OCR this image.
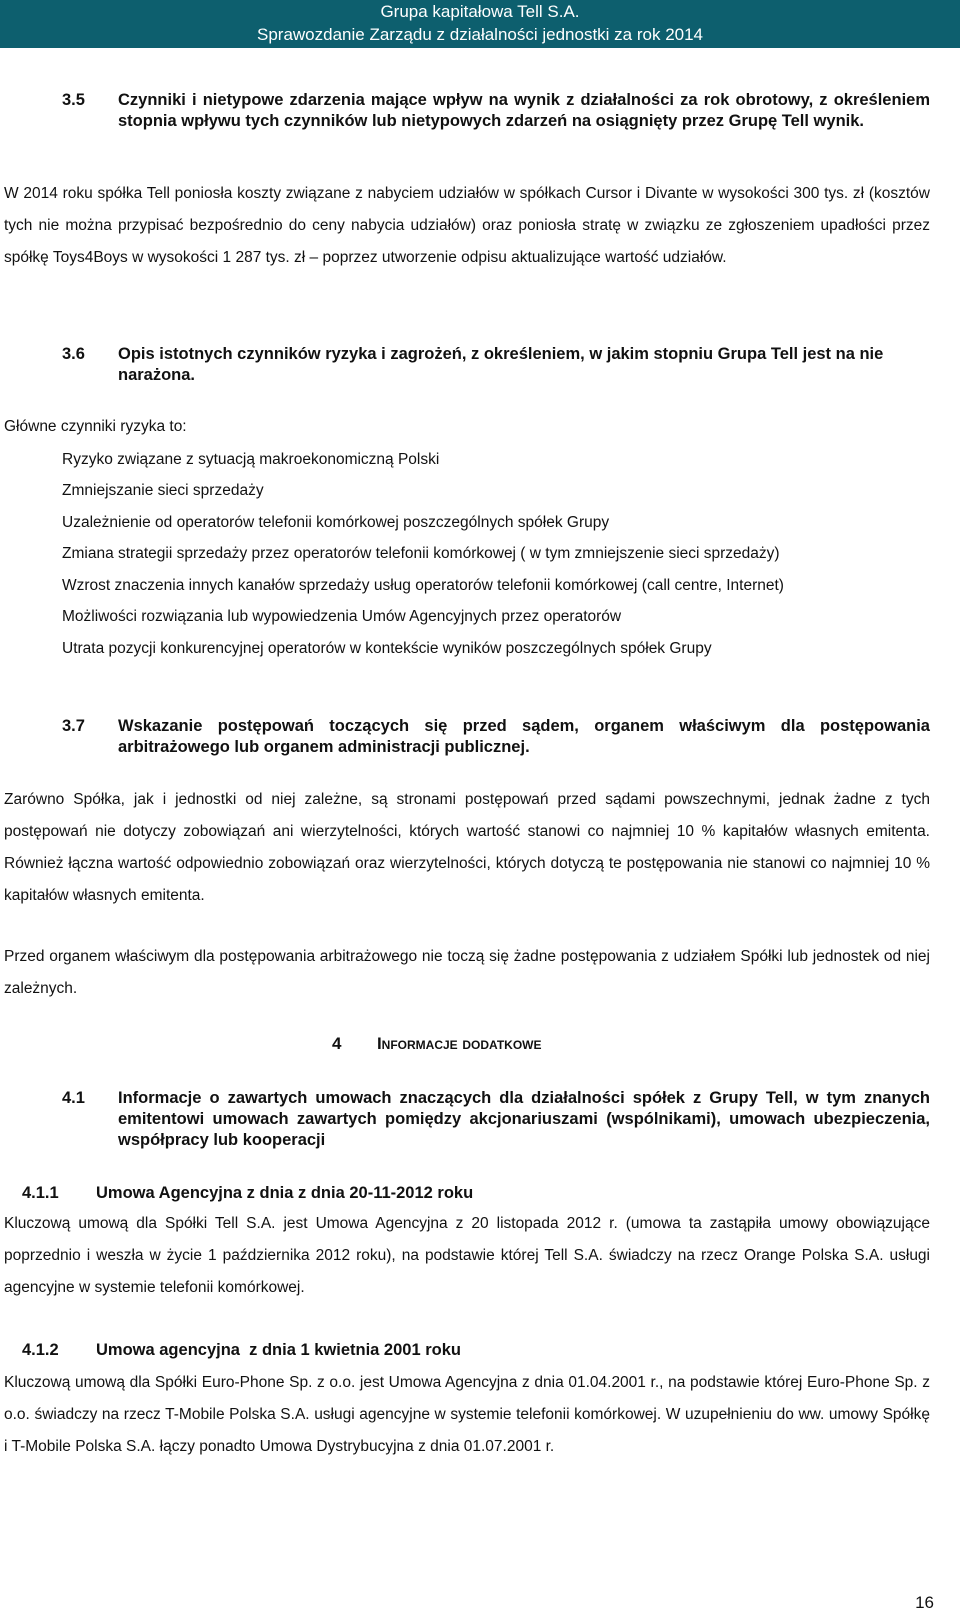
Grupa kapitałowa Tell S.A.
Sprawozdanie Zarządu z działalności jednostki za rok 2014
3.5 Czynniki i nietypowe zdarzenia mające wpływ na wynik z działalności za rok obrotowy, z określeniem stopnia wpływu tych czynników lub nietypowych zdarzeń na osiągnięty przez Grupę Tell wynik.
W 2014 roku spółka Tell poniosła koszty związane z nabyciem udziałów w spółkach Cursor i Divante w wysokości 300 tys. zł (kosztów tych nie można przypisać bezpośrednio do ceny nabycia udziałów) oraz poniosła stratę w związku ze zgłoszeniem upadłości przez spółkę Toys4Boys w wysokości 1 287 tys. zł – poprzez utworzenie odpisu aktualizujące wartość udziałów.
3.6 Opis istotnych czynników ryzyka i zagrożeń, z określeniem, w jakim stopniu Grupa Tell jest na nie narażona.
Główne czynniki ryzyka to:
Ryzyko związane z sytuacją makroekonomiczną Polski
Zmniejszanie sieci sprzedaży
Uzależnienie od operatorów telefonii komórkowej poszczególnych spółek Grupy
Zmiana strategii sprzedaży przez operatorów telefonii komórkowej ( w tym zmniejszenie sieci sprzedaży)
Wzrost znaczenia innych kanałów sprzedaży usług operatorów telefonii komórkowej (call centre, Internet)
Możliwości rozwiązania lub wypowiedzenia Umów Agencyjnych przez operatorów
Utrata pozycji konkurencyjnej operatorów w kontekście wyników poszczególnych spółek Grupy
3.7 Wskazanie postępowań toczących się przed sądem, organem właściwym dla postępowania arbitrażowego lub organem administracji publicznej.
Zarówno Spółka, jak i jednostki od niej zależne, są stronami postępowań przed sądami powszechnymi, jednak żadne z tych postępowań nie dotyczy zobowiązań ani wierzytelności, których wartość stanowi co najmniej 10 % kapitałów własnych emitenta. Również łączna wartość odpowiednio zobowiązań oraz wierzytelności, których dotyczą te postępowania nie stanowi co najmniej 10 % kapitałów własnych emitenta.
Przed organem właściwym dla postępowania arbitrażowego nie toczą się żadne postępowania z udziałem Spółki lub jednostek od niej zależnych.
4 Informacje dodatkowe
4.1 Informacje o zawartych umowach znaczących dla działalności spółek z Grupy Tell, w tym znanych emitentowi umowach zawartych pomiędzy akcjonariuszami (wspólnikami), umowach ubezpieczenia, współpracy lub kooperacji
4.1.1 Umowa Agencyjna z dnia z dnia 20-11-2012 roku
Kluczową umową dla Spółki Tell S.A. jest Umowa Agencyjna z 20 listopada 2012 r. (umowa ta zastąpiła umowy obowiązujące poprzednio i weszła w życie 1 października 2012 roku), na podstawie której Tell S.A. świadczy na rzecz Orange Polska S.A. usługi agencyjne w systemie telefonii komórkowej.
4.1.2 Umowa agencyjna  z dnia 1 kwietnia 2001 roku
Kluczową umową dla Spółki Euro-Phone Sp. z o.o. jest Umowa Agencyjna z dnia 01.04.2001 r., na podstawie której Euro-Phone Sp. z o.o. świadczy na rzecz T-Mobile Polska S.A. usługi agencyjne w systemie telefonii komórkowej. W uzupełnieniu do ww. umowy Spółkę i T-Mobile Polska S.A. łączy ponadto Umowa Dystrybucyjna z dnia 01.07.2001 r.
16
